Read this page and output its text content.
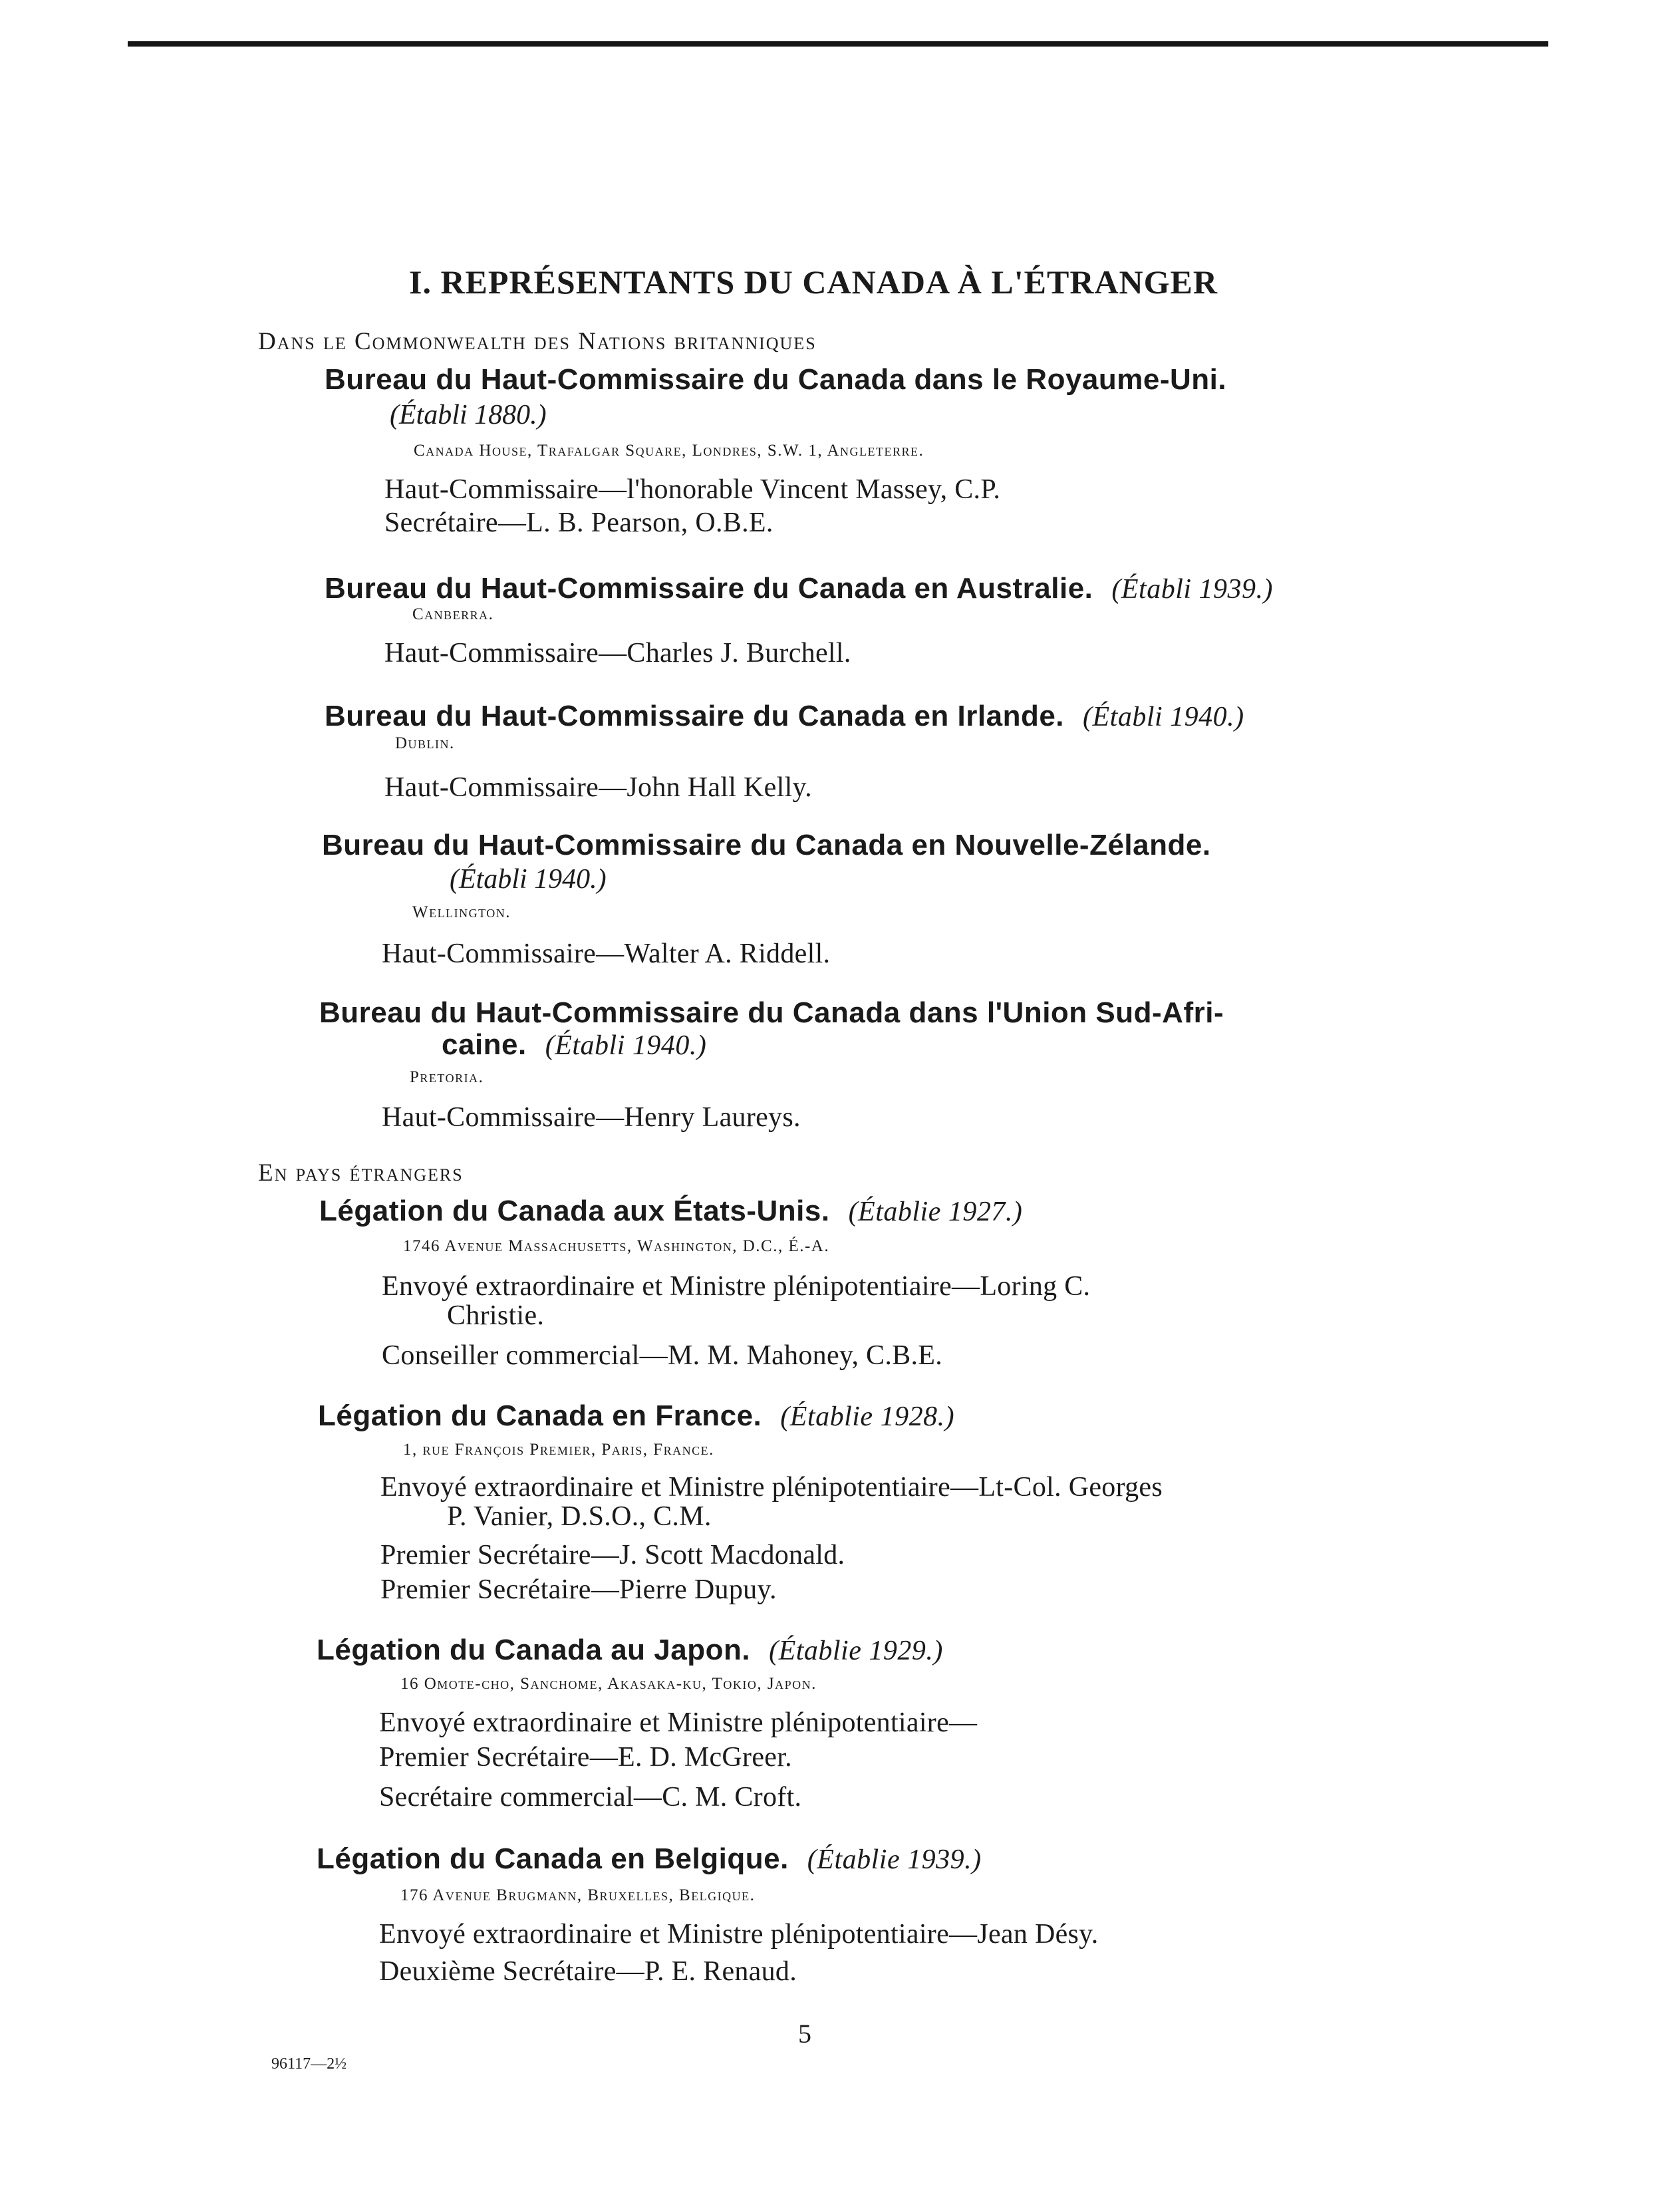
I. REPRÉSENTANTS DU CANADA À L'ÉTRANGER
Dans le Commonwealth des Nations britanniques
Bureau du Haut-Commissaire du Canada dans le Royaume-Uni.
(Établi 1880.)
Canada House, Trafalgar Square, Londres, S.W. 1, Angleterre.
Haut-Commissaire—l'honorable Vincent Massey, C.P.
Secrétaire—L. B. Pearson, O.B.E.
Bureau du Haut-Commissaire du Canada en Australie. (Établi 1939.)
Canberra.
Haut-Commissaire—Charles J. Burchell.
Bureau du Haut-Commissaire du Canada en Irlande. (Établi 1940.)
Dublin.
Haut-Commissaire—John Hall Kelly.
Bureau du Haut-Commissaire du Canada en Nouvelle-Zélande.
(Établi 1940.)
Wellington.
Haut-Commissaire—Walter A. Riddell.
Bureau du Haut-Commissaire du Canada dans l'Union Sud-Afri-
caine. (Établi 1940.)
Pretoria.
Haut-Commissaire—Henry Laureys.
En pays étrangers
Légation du Canada aux États-Unis. (Établie 1927.)
1746 Avenue Massachusetts, Washington, D.C., É.-A.
Envoyé extraordinaire et Ministre plénipotentiaire—Loring C.
Christie.
Conseiller commercial—M. M. Mahoney, C.B.E.
Légation du Canada en France. (Établie 1928.)
1, rue François Premier, Paris, France.
Envoyé extraordinaire et Ministre plénipotentiaire—Lt-Col. Georges
P. Vanier, D.S.O., C.M.
Premier Secrétaire—J. Scott Macdonald.
Premier Secrétaire—Pierre Dupuy.
Légation du Canada au Japon. (Établie 1929.)
16 Omote-cho, Sanchome, Akasaka-ku, Tokio, Japon.
Envoyé extraordinaire et Ministre plénipotentiaire—
Premier Secrétaire—E. D. McGreer.
Secrétaire commercial—C. M. Croft.
Légation du Canada en Belgique. (Établie 1939.)
176 Avenue Brugmann, Bruxelles, Belgique.
Envoyé extraordinaire et Ministre plénipotentiaire—Jean Désy.
Deuxième Secrétaire—P. E. Renaud.
5
96117—2½
